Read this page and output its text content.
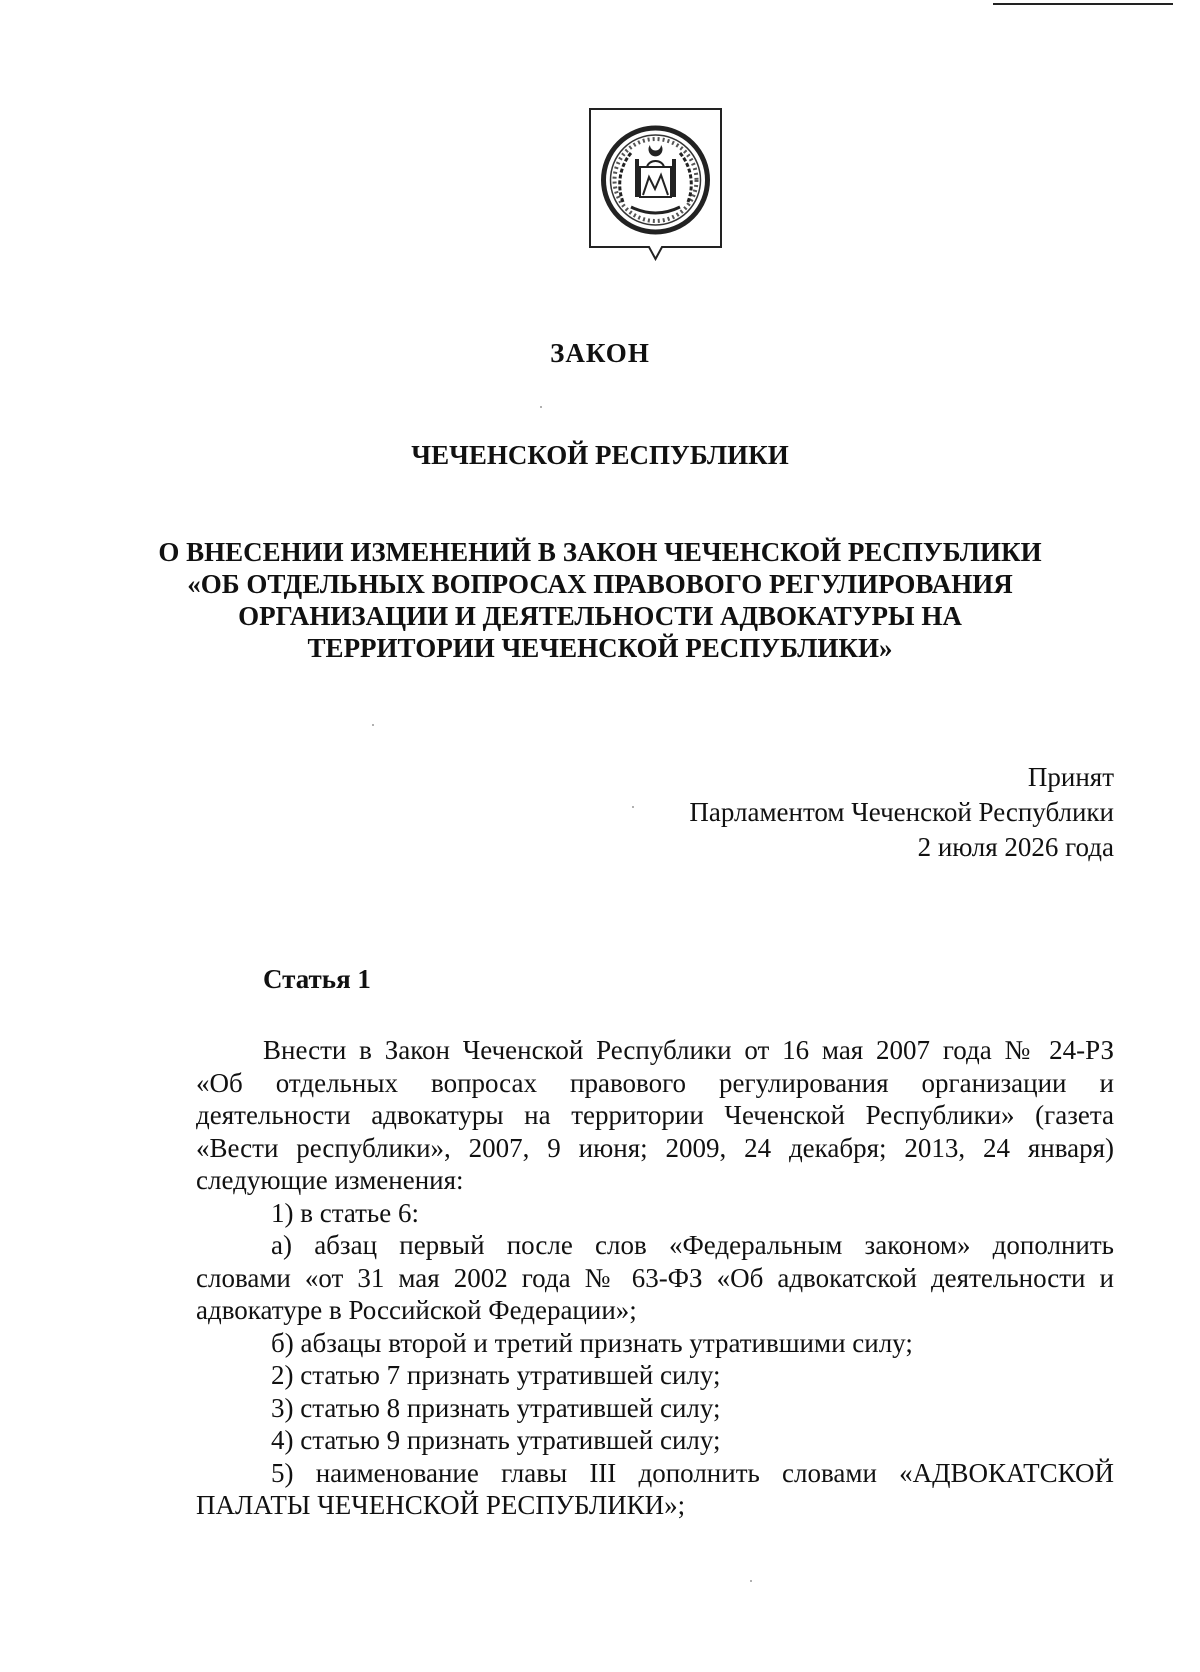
ЗАКОН
ЧЕЧЕНСКОЙ РЕСПУБЛИКИ
О ВНЕСЕНИИ ИЗМЕНЕНИЙ В ЗАКОН ЧЕЧЕНСКОЙ РЕСПУБЛИКИ
«ОБ ОТДЕЛЬНЫХ ВОПРОСАХ ПРАВОВОГО РЕГУЛИРОВАНИЯ
ОРГАНИЗАЦИИ И ДЕЯТЕЛЬНОСТИ АДВОКАТУРЫ НА
ТЕРРИТОРИИ ЧЕЧЕНСКОЙ РЕСПУБЛИКИ»
Принят
Парламентом Чеченской Республики
2 июля 2026 года
Статья 1
Внести в Закон Чеченской Республики от 16 мая 2007 года № 24-РЗ
«Об отдельных вопросах правового регулирования организации и
деятельности адвокатуры на территории Чеченской Республики» (газета
«Вести республики», 2007, 9 июня; 2009, 24 декабря; 2013, 24 января)
следующие изменения:
1) в статье 6:
а) абзац первый после слов «Федеральным законом» дополнить
словами «от 31 мая 2002 года № 63-ФЗ «Об адвокатской деятельности и
адвокатуре в Российской Федерации»;
б) абзацы второй и третий признать утратившими силу;
2) статью 7 признать утратившей силу;
3) статью 8 признать утратившей силу;
4) статью 9 признать утратившей силу;
5) наименование главы III дополнить словами «АДВОКАТСКОЙ
ПАЛАТЫ ЧЕЧЕНСКОЙ РЕСПУБЛИКИ»;
